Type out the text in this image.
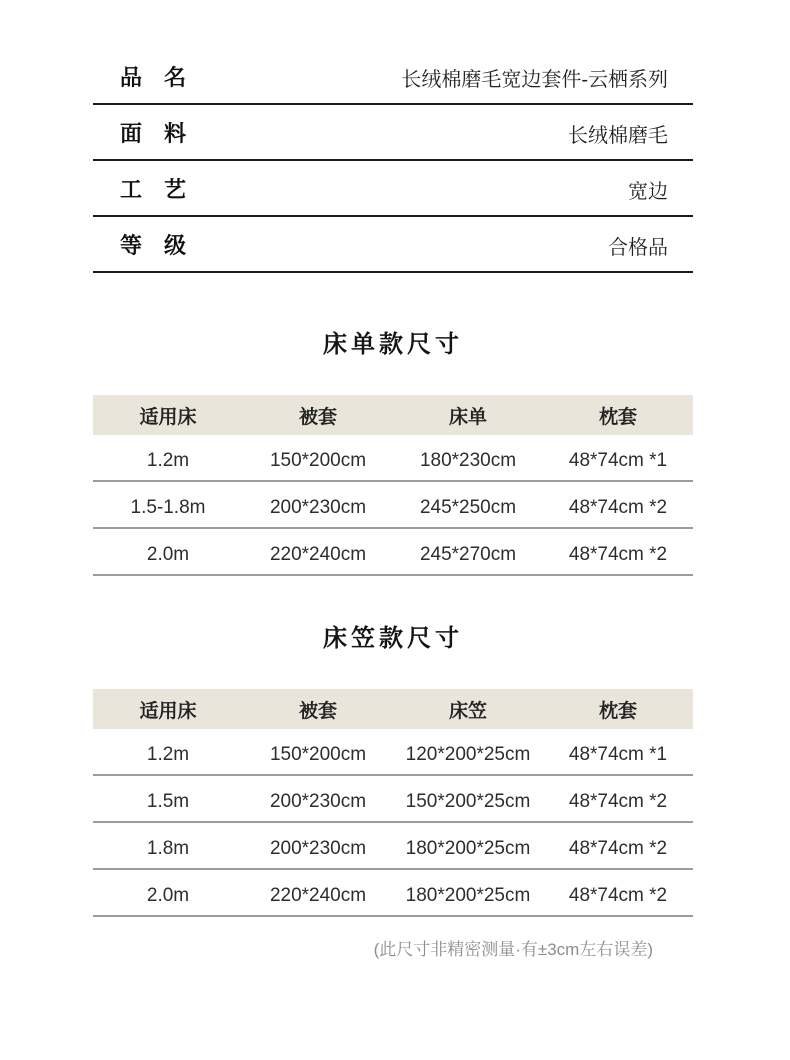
品　名	长绒棉磨毛宽边套件-云栖系列
面　料	长绒棉磨毛
工　艺	宽边
等　级	合格品
床单款尺寸
适用床	被套	床单	枕套
1.2m	150*200cm	180*230cm	48*74cm *1
1.5-1.8m	200*230cm	245*250cm	48*74cm *2
2.0m	220*240cm	245*270cm	48*74cm *2
床笠款尺寸
适用床	被套	床笠	枕套
1.2m	150*200cm	120*200*25cm	48*74cm *1
1.5m	200*230cm	150*200*25cm	48*74cm *2
1.8m	200*230cm	180*200*25cm	48*74cm *2
2.0m	220*240cm	180*200*25cm	48*74cm *2

(此尺寸非精密测量·有±3cm左右误差)
